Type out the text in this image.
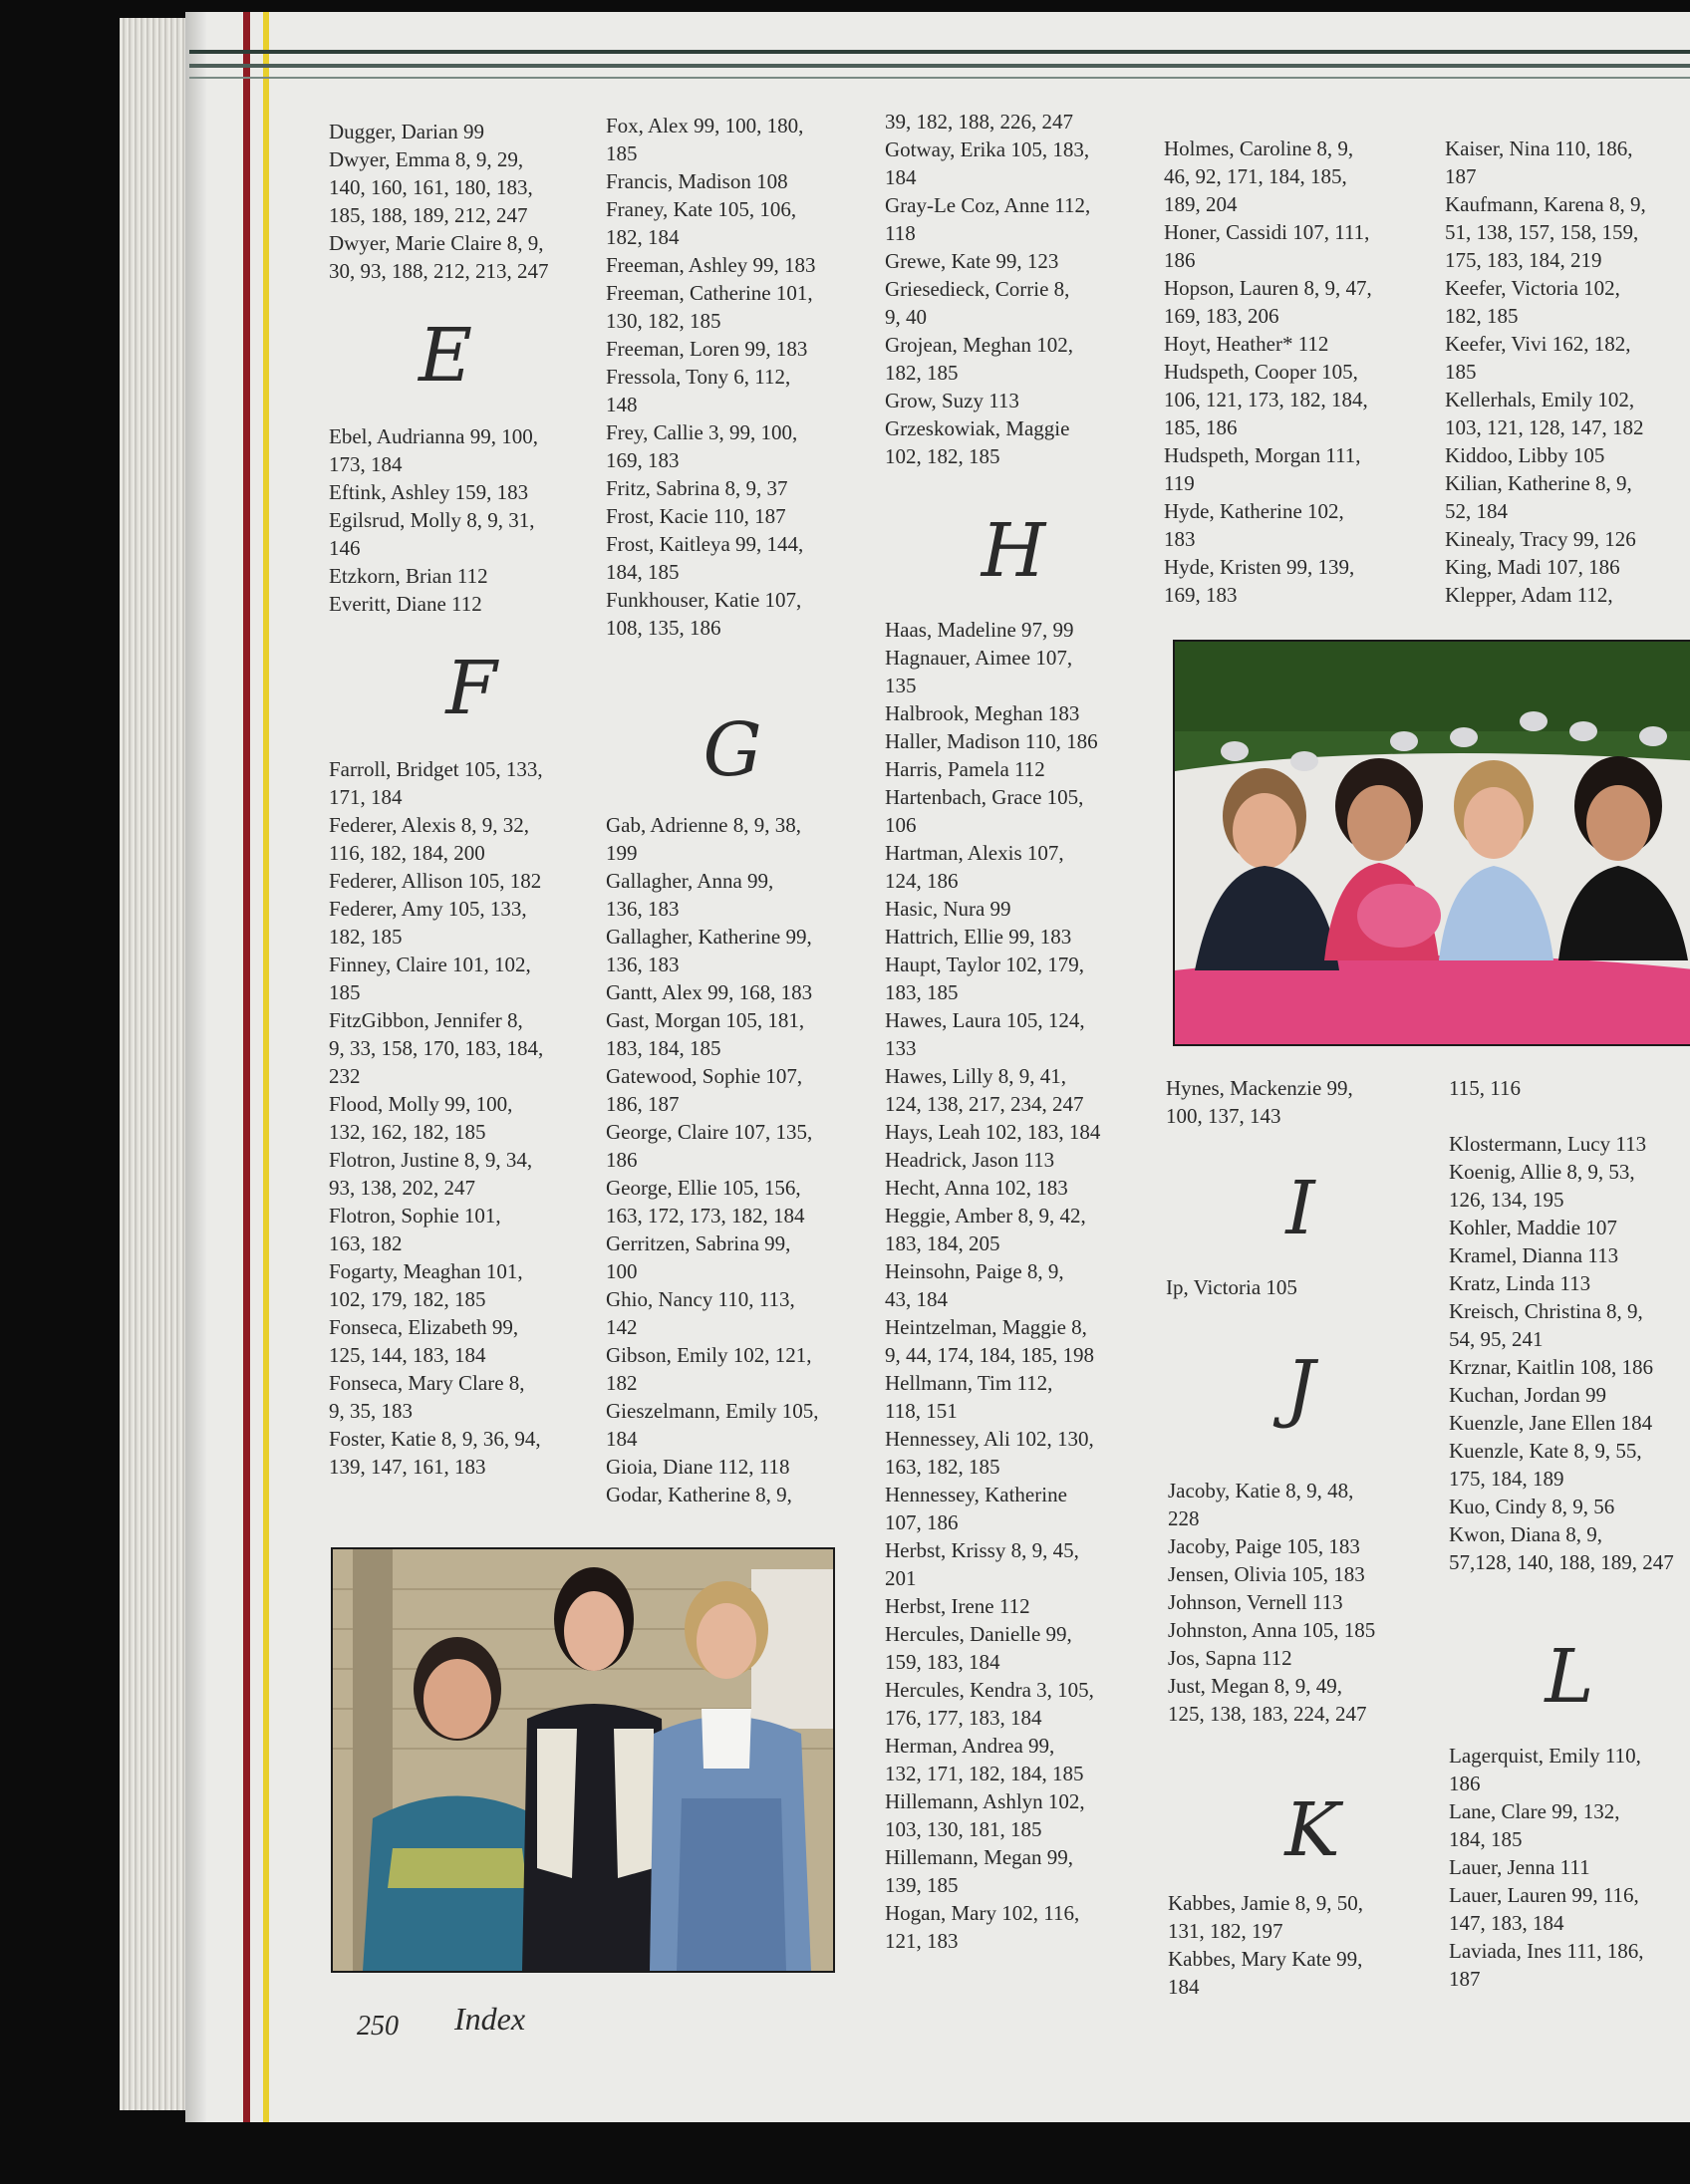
Dugger, Darian 99
Dwyer, Emma 8, 9, 29,
140, 160, 161, 180, 183,
185, 188, 189, 212, 247
Dwyer, Marie Claire 8, 9,
30, 93, 188, 212, 213, 247
E
Ebel, Audrianna 99, 100,
173, 184
Eftink, Ashley 159, 183
Egilsrud, Molly 8, 9, 31,
146
Etzkorn, Brian 112
Everitt, Diane 112
F
Farroll, Bridget 105, 133,
171, 184
Federer, Alexis 8, 9, 32,
116, 182, 184, 200
Federer, Allison 105, 182
Federer, Amy 105, 133,
182, 185
Finney, Claire 101, 102,
185
FitzGibbon, Jennifer 8,
9, 33, 158, 170, 183, 184,
232
Flood, Molly 99, 100,
132, 162, 182, 185
Flotron, Justine 8, 9, 34,
93, 138, 202, 247
Flotron, Sophie 101,
163, 182
Fogarty, Meaghan 101,
102, 179, 182, 185
Fonseca, Elizabeth 99,
125, 144, 183, 184
Fonseca, Mary Clare 8,
9, 35, 183
Foster, Katie 8, 9, 36, 94,
139, 147, 161, 183
Fox, Alex 99, 100, 180,
185
Francis, Madison 108
Franey, Kate 105, 106,
182, 184
Freeman, Ashley 99, 183
Freeman, Catherine 101,
130, 182, 185
Freeman, Loren 99, 183
Fressola, Tony 6, 112,
148
Frey, Callie 3, 99, 100,
169, 183
Fritz, Sabrina 8, 9, 37
Frost, Kacie 110, 187
Frost, Kaitleya 99, 144,
184, 185
Funkhouser, Katie 107,
108, 135, 186
G
Gab, Adrienne 8, 9, 38,
199
Gallagher, Anna 99,
136, 183
Gallagher, Katherine 99,
136, 183
Gantt, Alex 99, 168, 183
Gast, Morgan 105, 181,
183, 184, 185
Gatewood, Sophie 107,
186, 187
George, Claire 107, 135,
186
George, Ellie 105, 156,
163, 172, 173, 182, 184
Gerritzen, Sabrina 99,
100
Ghio, Nancy 110, 113,
142
Gibson, Emily 102, 121,
182
Gieszelmann, Emily 105,
184
Gioia, Diane 112, 118
Godar, Katherine 8, 9,
39, 182, 188, 226, 247
Gotway, Erika 105, 183,
184
Gray-Le Coz, Anne 112,
118
Grewe, Kate 99, 123
Griesedieck, Corrie 8,
9, 40
Grojean, Meghan 102,
182, 185
Grow, Suzy 113
Grzeskowiak, Maggie
102, 182, 185
H
Haas, Madeline 97, 99
Hagnauer, Aimee 107,
135
Halbrook, Meghan 183
Haller, Madison 110, 186
Harris, Pamela 112
Hartenbach, Grace 105,
106
Hartman, Alexis 107,
124, 186
Hasic, Nura 99
Hattrich, Ellie 99, 183
Haupt, Taylor 102, 179,
183, 185
Hawes, Laura 105, 124,
133
Hawes, Lilly 8, 9, 41,
124, 138, 217, 234, 247
Hays, Leah 102, 183, 184
Headrick, Jason 113
Hecht, Anna 102, 183
Heggie, Amber 8, 9, 42,
183, 184, 205
Heinsohn, Paige 8, 9,
43, 184
Heintzelman, Maggie 8,
9, 44, 174, 184, 185, 198
Hellmann, Tim 112,
118, 151
Hennessey, Ali 102, 130,
163, 182, 185
Hennessey, Katherine
107, 186
Herbst, Krissy 8, 9, 45,
201
Herbst, Irene 112
Hercules, Danielle 99,
159, 183, 184
Hercules, Kendra 3, 105,
176, 177, 183, 184
Herman, Andrea 99,
132, 171, 182, 184, 185
Hillemann, Ashlyn 102,
103, 130, 181, 185
Hillemann, Megan 99,
139, 185
Hogan, Mary 102, 116,
121, 183
Holmes, Caroline 8, 9,
46, 92, 171, 184, 185,
189, 204
Honer, Cassidi 107, 111,
186
Hopson, Lauren 8, 9, 47,
169, 183, 206
Hoyt, Heather* 112
Hudspeth, Cooper 105,
106, 121, 173, 182, 184,
185, 186
Hudspeth, Morgan 111,
119
Hyde, Katherine 102,
183
Hyde, Kristen 99, 139,
169, 183
Hynes, Mackenzie 99,
100, 137, 143
I
Ip, Victoria 105
J
Jacoby, Katie 8, 9, 48,
228
Jacoby, Paige 105, 183
Jensen, Olivia 105, 183
Johnson, Vernell 113
Johnston, Anna 105, 185
Jos, Sapna 112
Just, Megan 8, 9, 49,
125, 138, 183, 224, 247
K
Kabbes, Jamie 8, 9, 50,
131, 182, 197
Kabbes, Mary Kate 99,
184
Kaiser, Nina 110, 186,
187
Kaufmann, Karena 8, 9,
51, 138, 157, 158, 159,
175, 183, 184, 219
Keefer, Victoria 102,
182, 185
Keefer, Vivi 162, 182,
185
Kellerhals, Emily 102,
103, 121, 128, 147, 182
Kiddoo, Libby 105
Kilian, Katherine 8, 9,
52, 184
Kinealy, Tracy 99, 126
King, Madi 107, 186
Klepper, Adam 112,
115, 116

Klostermann, Lucy 113
Koenig, Allie 8, 9, 53,
126, 134, 195
Kohler, Maddie 107
Kramel, Dianna 113
Kratz, Linda 113
Kreisch, Christina 8, 9,
54, 95, 241
Krznar, Kaitlin 108, 186
Kuchan, Jordan 99
Kuenzle, Jane Ellen 184
Kuenzle, Kate 8, 9, 55,
175, 184, 189
Kuo, Cindy 8, 9, 56
Kwon, Diana 8, 9,
57,128, 140, 188, 189, 247
L
Lagerquist, Emily 110,
186
Lane, Clare 99, 132,
184, 185
Lauer, Jenna 111
Lauer, Lauren 99, 116,
147, 183, 184
Laviada, Ines 111, 186,
187
250 Index
